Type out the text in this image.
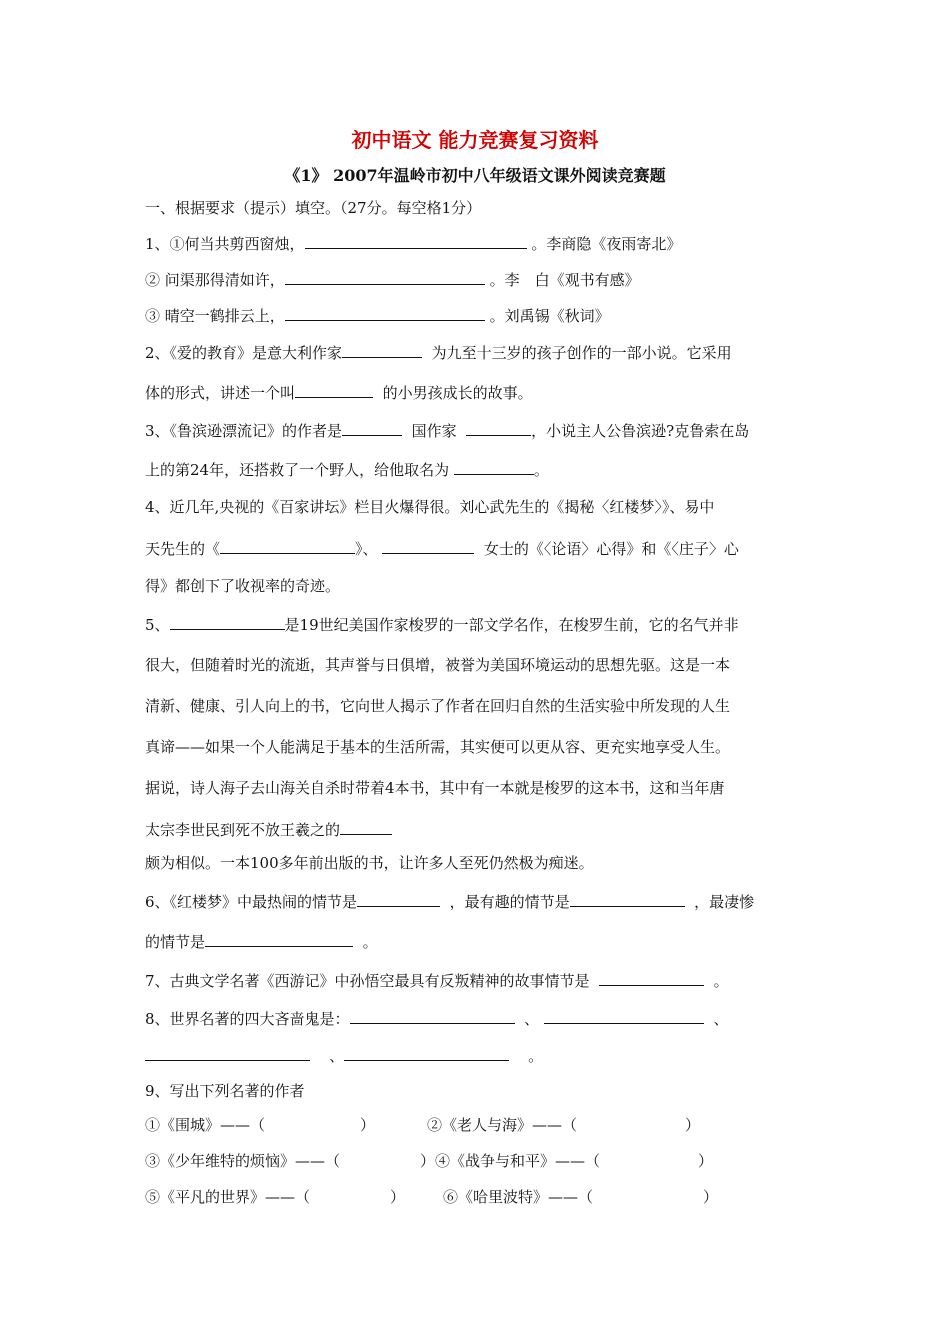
初中语文 能力竞赛复习资料
《1》 2007年温岭市初中八年级语文课外阅读竞赛题
一、根据要求（提示）填空。（27分。每空格1分）
1、①何当共剪西窗烛，	。李商隐《夜雨寄北》
② 问渠那得清如许，	。李　白《观书有感》
③ 晴空一鹤排云上，	。刘禹锡《秋词》
2、《爱的教育》是意大利作家	为九至十三岁的孩子创作的一部小说。它采用
体的形式，讲述一个叫	的小男孩成长的故事。
3、《鲁滨逊漂流记》的作者是	国作家	，小说主人公鲁滨逊?克鲁索在岛
上的第24年，还搭救了一个野人，给他取名为	。
4、近几年,央视的《百家讲坛》栏目火爆得很。刘心武先生的《揭秘〈红楼梦〉》、易中
天先生的《	》、	女士的《〈论语〉心得》和《〈庄子〉心
得》都创下了收视率的奇迹。
5、	是19世纪美国作家梭罗的一部文学名作，在梭罗生前，它的名气并非
很大，但随着时光的流逝，其声誉与日俱增，被誉为美国环境运动的思想先驱。这是一本
清新、健康、引人向上的书，它向世人揭示了作者在回归自然的生活实验中所发现的人生
真谛——如果一个人能满足于基本的生活所需，其实便可以更从容、更充实地享受人生。
据说，诗人海子去山海关自杀时带着4本书，其中有一本就是梭罗的这本书，这和当年唐
太宗李世民到死不放王羲之的
颇为相似。一本100多年前出版的书，让许多人至死仍然极为痴迷。
6、《红楼梦》中最热闹的情节是	，最有趣的情节是	，最凄惨
的情节是	。
7、古典文学名著《西游记》中孙悟空最具有反叛精神的故事情节是	。
8、世界名著的四大吝啬鬼是：	、	、
、	。
9、写出下列名著的作者
①《围城》——（	）	②《老人与海》——（	）
③《少年维特的烦恼》——（	）④《战争与和平》——（	）
⑤《平凡的世界》——（	）	⑥《哈里波特》——（	）
